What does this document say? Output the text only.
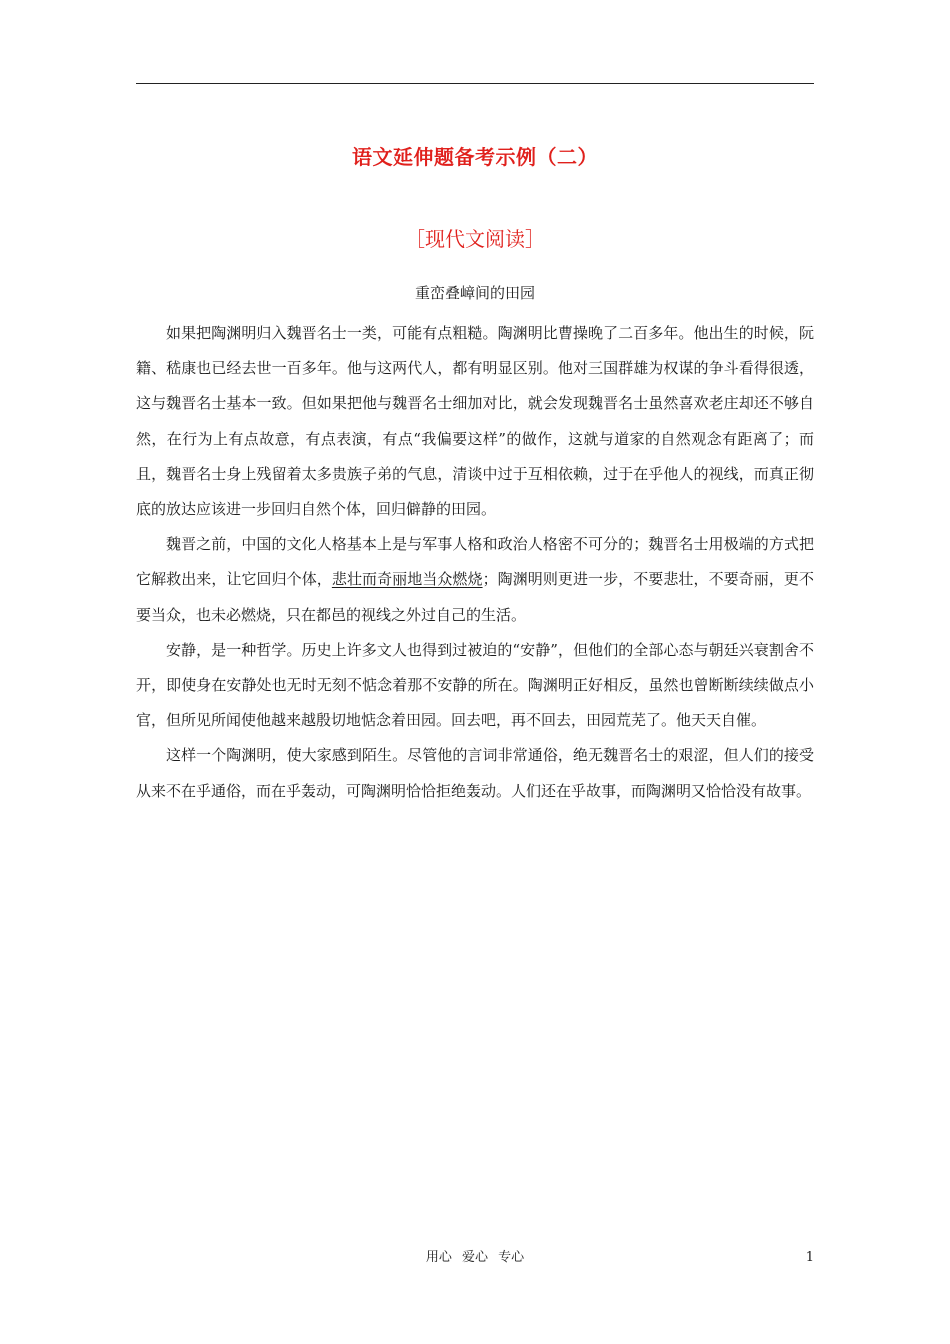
语文延伸题备考示例（二）
［现代文阅读］
重峦叠嶂间的田园

如果把陶渊明归入魏晋名士一类，可能有点粗糙。陶渊明比曹操晚了二百多年。他出生的时候，阮籍、嵇康也已经去世一百多年。他与这两代人，都有明显区别。他对三国群雄为权谋的争斗看得很透，这与魏晋名士基本一致。但如果把他与魏晋名士细加对比，就会发现魏晋名士虽然喜欢老庄却还不够自然，在行为上有点故意，有点表演，有点“我偏要这样”的做作，这就与道家的自然观念有距离了；而且，魏晋名士身上残留着太多贵族子弟的气息，清谈中过于互相依赖，过于在乎他人的视线，而真正彻底的放达应该进一步回归自然个体，回归僻静的田园。

魏晋之前，中国的文化人格基本上是与军事人格和政治人格密不可分的；魏晋名士用极端的方式把它解救出来，让它回归个体，悲壮而奇丽地当众燃烧；陶渊明则更进一步，不要悲壮，不要奇丽，更不要当众，也未必燃烧，只在都邑的视线之外过自己的生活。

安静，是一种哲学。历史上许多文人也得到过被迫的“安静”，但他们的全部心态与朝廷兴衰割舍不开，即使身在安静处也无时无刻不惦念着那不安静的所在。陶渊明正好相反，虽然也曾断断续续做点小官，但所见所闻使他越来越殷切地惦念着田园。回去吧，再不回去，田园荒芜了。他天天自催。

这样一个陶渊明，使大家感到陌生。尽管他的言词非常通俗，绝无魏晋名士的艰涩，但人们的接受从来不在乎通俗，而在乎轰动，可陶渊明恰恰拒绝轰动。人们还在乎故事，而陶渊明又恰恰没有故事。

用心 爱心 专心	1
